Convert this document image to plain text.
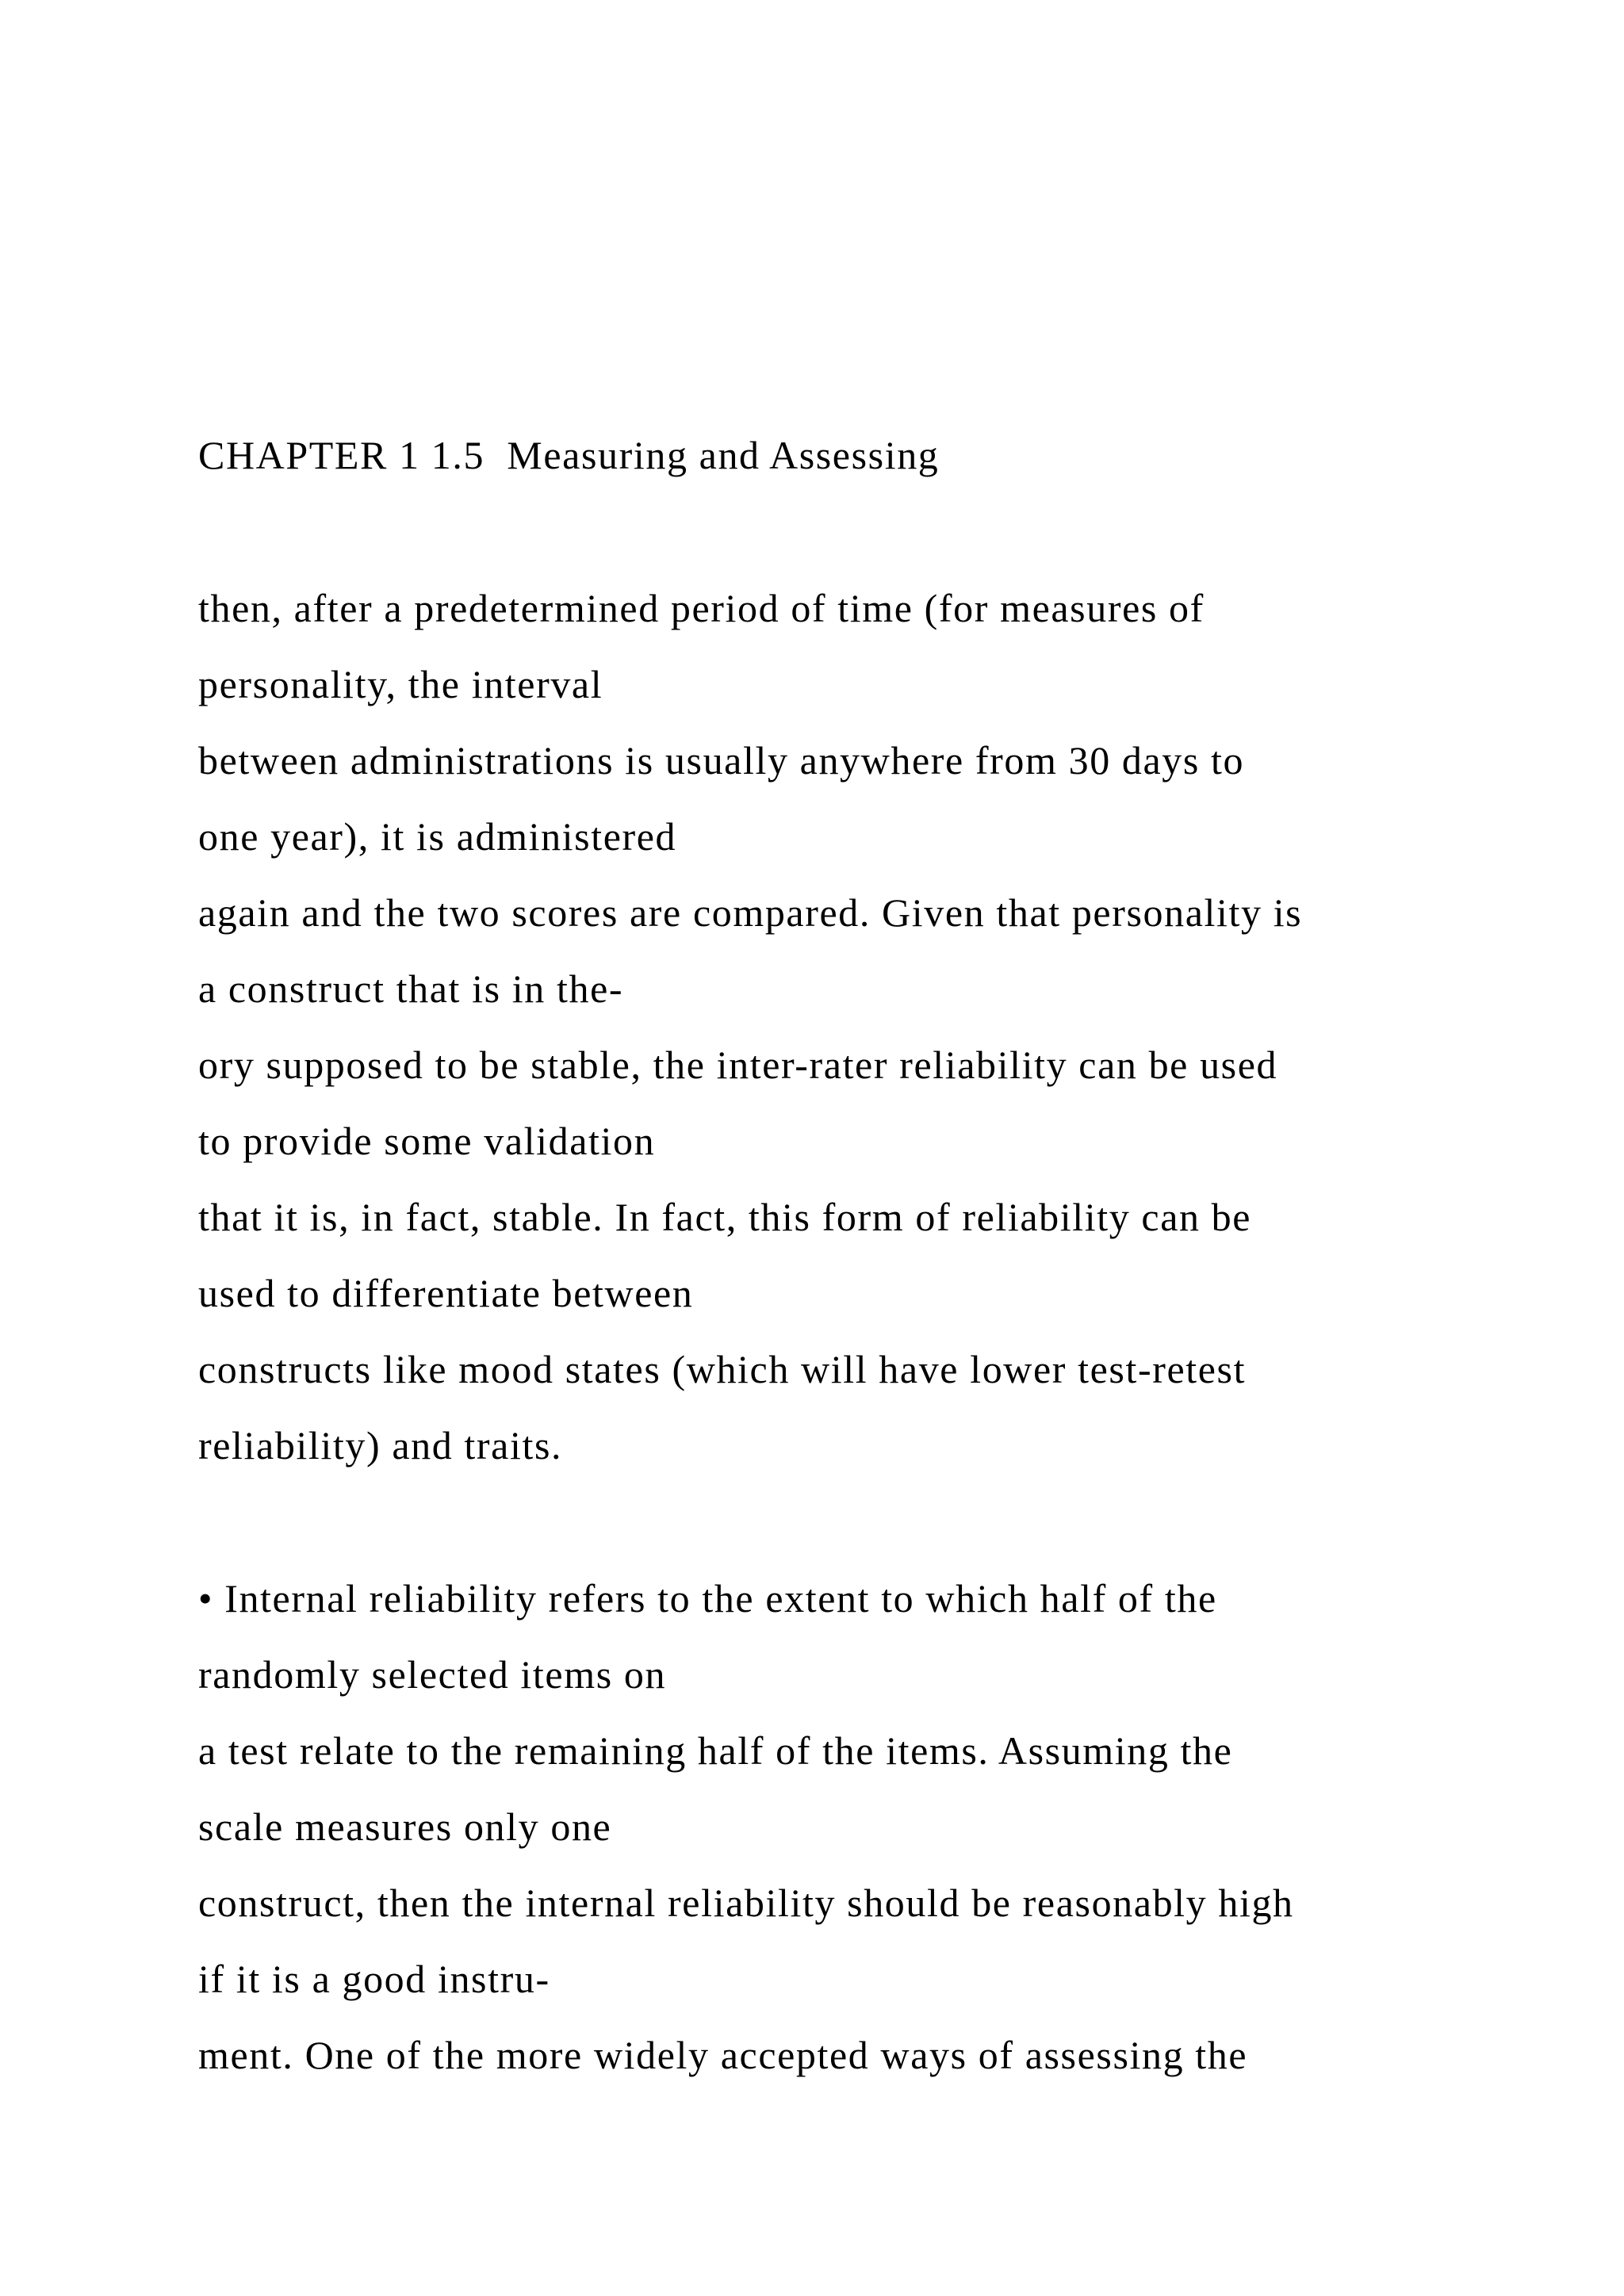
CHAPTER 1 1.5  Measuring and Assessing

then, after a predetermined period of time (for measures of

personality, the interval

between administrations is usually anywhere from 30 days to

one year), it is administered

again and the two scores are compared. Given that personality is

a construct that is in the-

ory supposed to be stable, the inter-rater reliability can be used

to provide some validation

that it is, in fact, stable. In fact, this form of reliability can be

used to differentiate between

constructs like mood states (which will have lower test-retest

reliability) and traits.

• Internal reliability refers to the extent to which half of the

randomly selected items on

a test relate to the remaining half of the items. Assuming the

scale measures only one

construct, then the internal reliability should be reasonably high

if it is a good instru-

ment. One of the more widely accepted ways of assessing the
